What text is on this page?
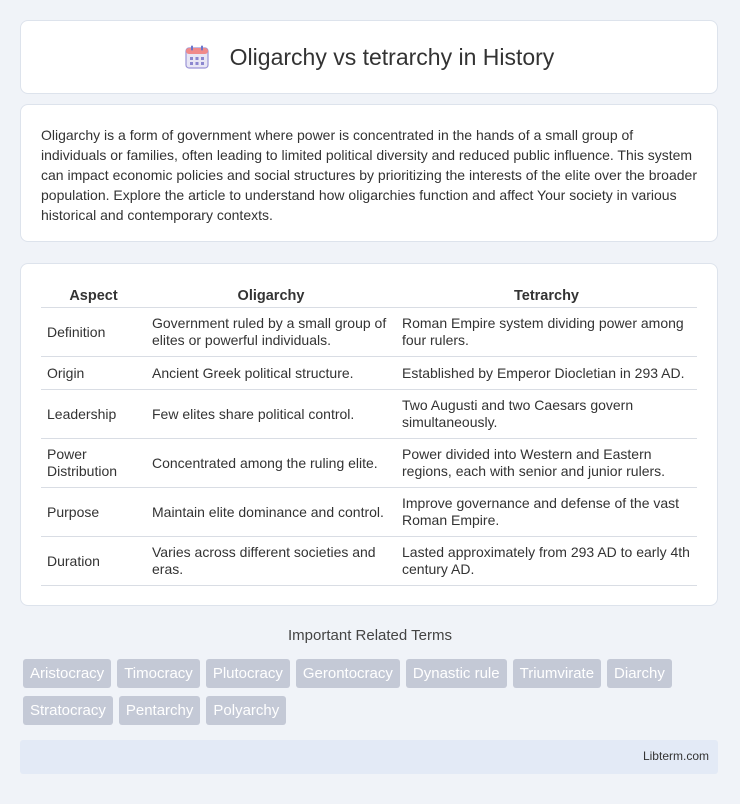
Oligarchy vs tetrarchy in History

Oligarchy is a form of government where power is concentrated in the hands of a small group of individuals or families, often leading to limited political diversity and reduced public influence. This system can impact economic policies and social structures by prioritizing the interests of the elite over the broader population. Explore the article to understand how oligarchies function and affect Your society in various historical and contemporary contexts.

Aspect	Oligarchy	Tetrarchy
Definition	Government ruled by a small group of elites or powerful individuals.	Roman Empire system dividing power among four rulers.
Origin	Ancient Greek political structure.	Established by Emperor Diocletian in 293 AD.
Leadership	Few elites share political control.	Two Augusti and two Caesars govern simultaneously.
Power Distribution	Concentrated among the ruling elite.	Power divided into Western and Eastern regions, each with senior and junior rulers.
Purpose	Maintain elite dominance and control.	Improve governance and defense of the vast Roman Empire.
Duration	Varies across different societies and eras.	Lasted approximately from 293 AD to early 4th century AD.
Important Related Terms
Aristocracy	Timocracy	Plutocracy	Gerontocracy	Dynastic rule	Triumvirate	Diarchy
Stratocracy	Pentarchy	Polyarchy
Libterm.com
